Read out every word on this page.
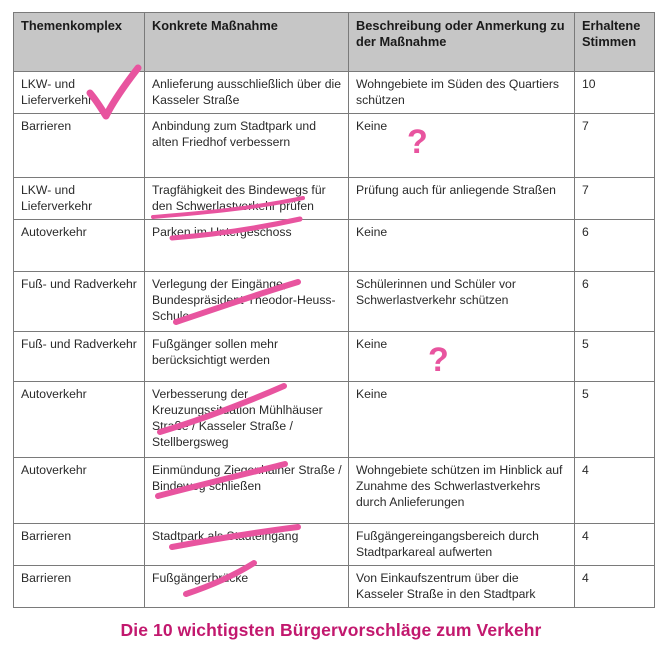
Themenkomplex	Konkrete Maßnahme	Beschreibung oder Anmerkung zu der Maßnahme	Erhaltene Stimmen
LKW- und Lieferverkehr	Anlieferung ausschließlich über die Kasseler Straße	Wohngebiete im Süden des Quartiers schützen	10
Barrieren	Anbindung zum Stadtpark und alten Friedhof verbessern	Keine	7
LKW- und Lieferverkehr	Tragfähigkeit des Bindewegs für den Schwerlastverkehr prüfen	Prüfung auch für anliegende Straßen	7
Autoverkehr	Parken im Untergeschoss	Keine	6
Fuß- und Radverkehr	Verlegung der Eingänge, Bundespräsident-Theodor-Heuss-Schule	Schülerinnen und Schüler vor Schwerlastverkehr schützen	6
Fuß- und Radverkehr	Fußgänger sollen mehr berücksichtigt werden	Keine	5
Autoverkehr	Verbesserung der Kreuzungssituation Mühlhäuser Straße / Kasseler Straße / Stellbergsweg	Keine	5
Autoverkehr	Einmündung Ziegenhainer Straße / Bindeweg schließen	Wohngebiete schützen im Hinblick auf Zunahme des Schwerlastverkehrs durch Anlieferungen	4
Barrieren	Stadtpark als Stadteingang	Fußgängereingangsbereich durch Stadtparkareal aufwerten	4
Barrieren	Fußgängerbrücke	Von Einkaufszentrum über die Kasseler Straße in den Stadtpark	4
?
?
Die 10 wichtigsten Bürgervorschläge zum Verkehr
